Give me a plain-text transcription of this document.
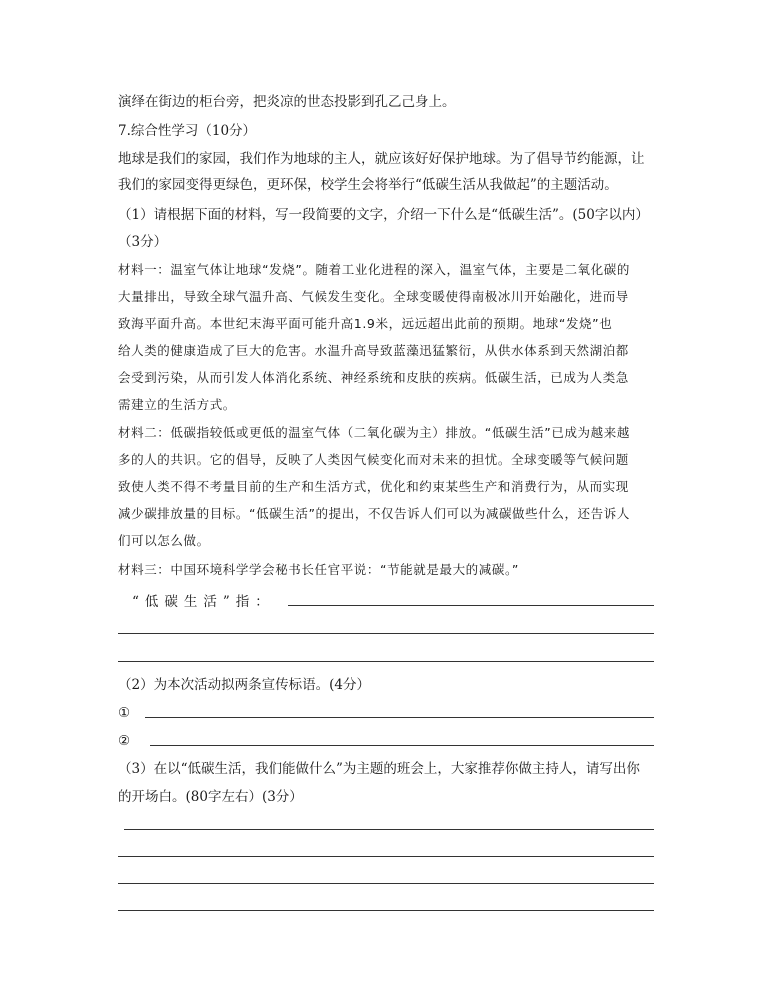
演绎在街边的柜台旁，把炎凉的世态投影到孔乙己身上。
7.综合性学习（10分）
地球是我们的家园，我们作为地球的主人，就应该好好保护地球。为了倡导节约能源，让
我们的家园变得更绿色，更环保，校学生会将举行“低碳生活从我做起”的主题活动。
（1）请根据下面的材料，写一段简要的文字，介绍一下什么是“低碳生活”。(50字以内）
（3分）
材料一：温室气体让地球“发烧”。随着工业化进程的深入，温室气体，主要是二氧化碳的
大量排出，导致全球气温升高、气候发生变化。全球变暖使得南极冰川开始融化，进而导
致海平面升高。本世纪末海平面可能升高1.9米，远远超出此前的预期。地球“发烧”也
给人类的健康造成了巨大的危害。水温升高导致蓝藻迅猛繁衍，从供水体系到天然湖泊都
会受到污染，从而引发人体消化系统、神经系统和皮肤的疾病。低碳生活，已成为人类急
需建立的生活方式。
材料二：低碳指较低或更低的温室气体（二氧化碳为主）排放。“低碳生活”已成为越来越
多的人的共识。它的倡导，反映了人类因气候变化而对未来的担忧。全球变暖等气候问题
致使人类不得不考量目前的生产和生活方式，优化和约束某些生产和消费行为，从而实现
减少碳排放量的目标。“低碳生活”的提出，不仅告诉人们可以为减碳做些什么，还告诉人
们可以怎么做。
材料三：中国环境科学学会秘书长任官平说：“节能就是最大的减碳。”
“低碳生活”指：
（2）为本次活动拟两条宣传标语。(4分）
①
②
（3）在以“低碳生活，我们能做什么”为主题的班会上，大家推荐你做主持人，请写出你
的开场白。(80字左右）(3分）
